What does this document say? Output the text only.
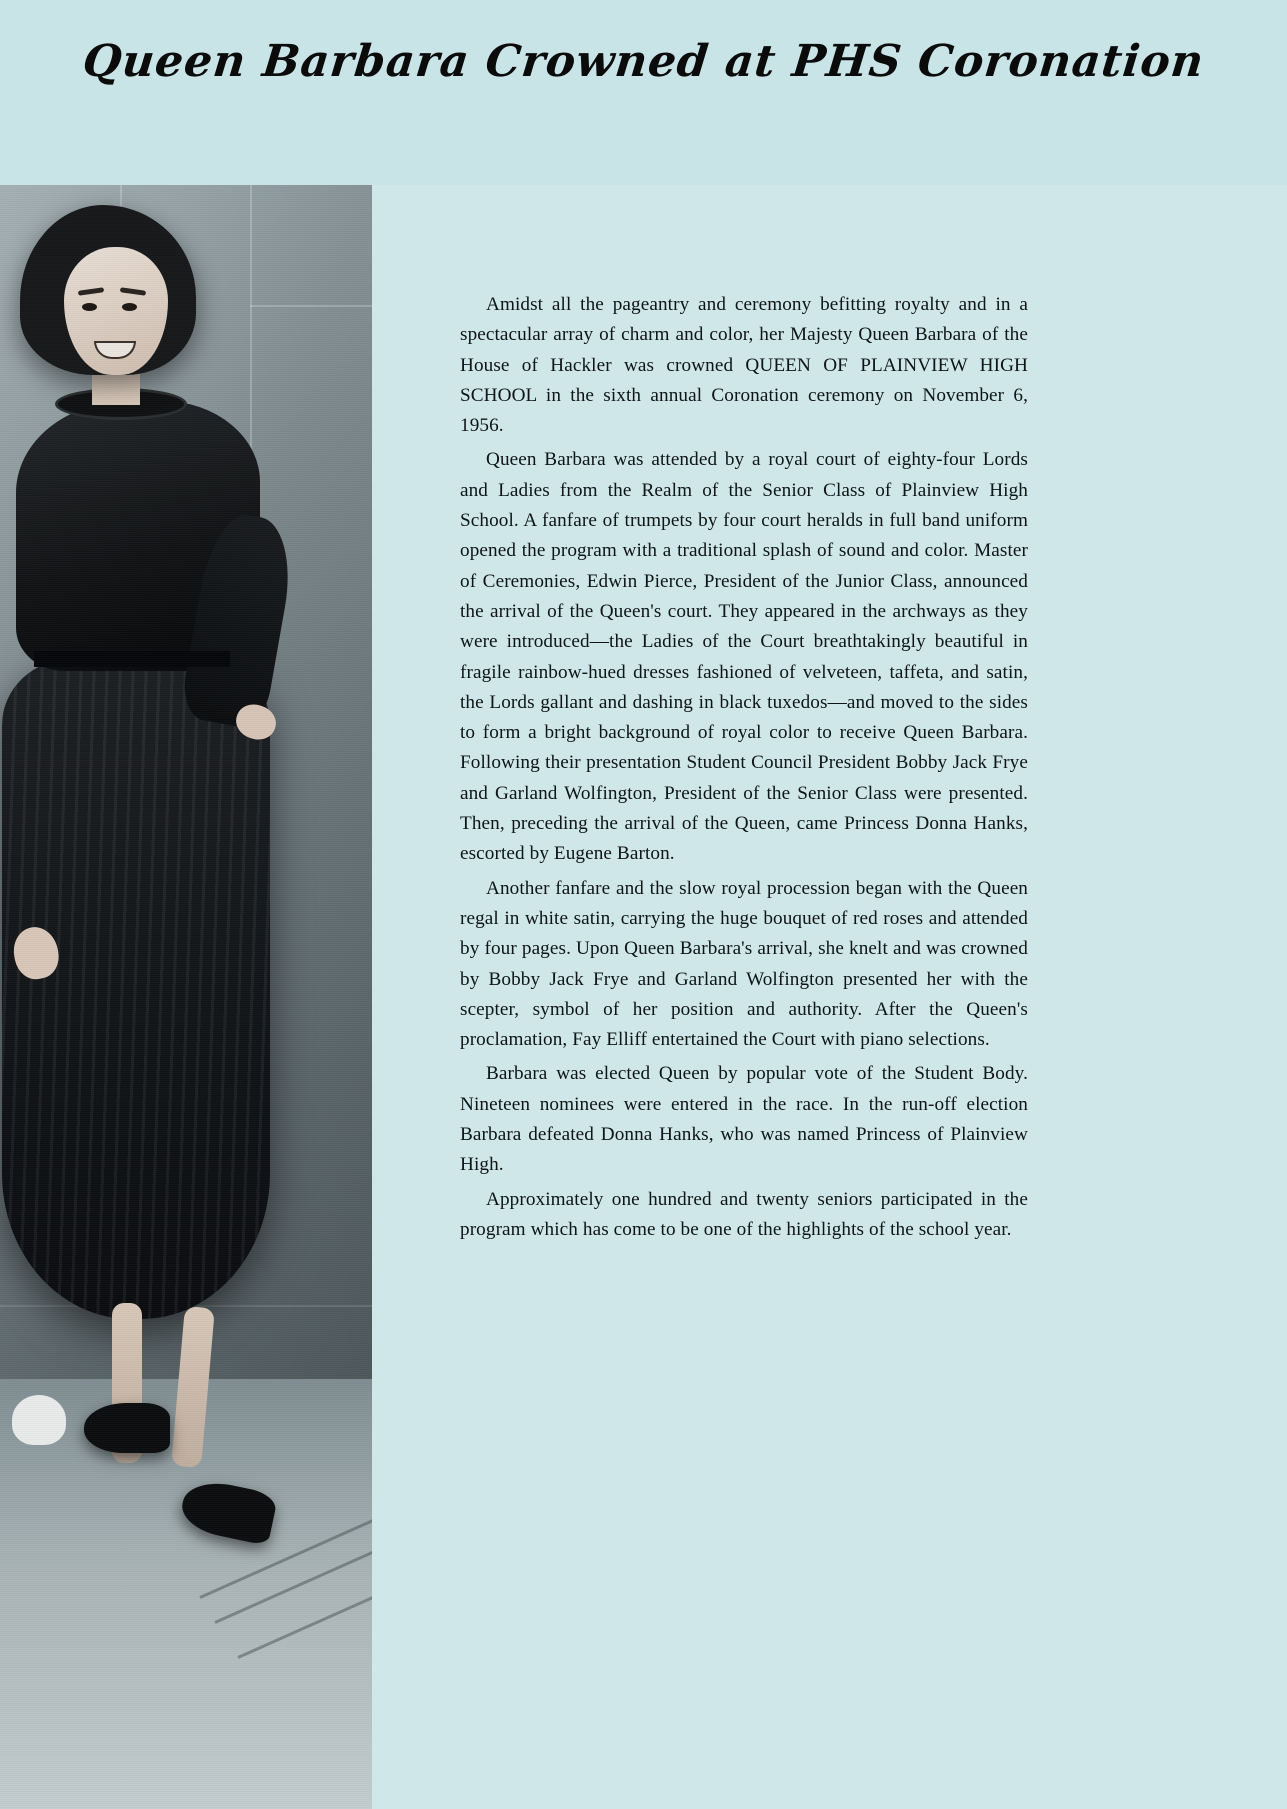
Queen Barbara Crowned at PHS Coronation

Amidst all the pageantry and ceremony befitting royalty and in a spectacular array of charm and color, her Majesty Queen Barbara of the House of Hackler was crowned QUEEN OF PLAINVIEW HIGH SCHOOL in the sixth annual Coronation ceremony on November 6, 1956.

Queen Barbara was attended by a royal court of eighty-four Lords and Ladies from the Realm of the Senior Class of Plainview High School. A fanfare of trumpets by four court heralds in full band uniform opened the program with a traditional splash of sound and color. Master of Ceremonies, Edwin Pierce, President of the Junior Class, announced the arrival of the Queen's court. They appeared in the archways as they were introduced—the Ladies of the Court breathtakingly beautiful in fragile rainbow-hued dresses fashioned of velveteen, taffeta, and satin, the Lords gallant and dashing in black tuxedos—and moved to the sides to form a bright background of royal color to receive Queen Barbara. Following their presentation Student Council President Bobby Jack Frye and Garland Wolfington, President of the Senior Class were presented. Then, preceding the arrival of the Queen, came Princess Donna Hanks, escorted by Eugene Barton.

Another fanfare and the slow royal procession began with the Queen regal in white satin, carrying the huge bouquet of red roses and attended by four pages. Upon Queen Barbara's arrival, she knelt and was crowned by Bobby Jack Frye and Garland Wolfington presented her with the scepter, symbol of her position and authority. After the Queen's proclamation, Fay Elliff entertained the Court with piano selections.

Barbara was elected Queen by popular vote of the Student Body. Nineteen nominees were entered in the race. In the run-off election Barbara defeated Donna Hanks, who was named Princess of Plainview High.

Approximately one hundred and twenty seniors participated in the program which has come to be one of the highlights of the school year.
